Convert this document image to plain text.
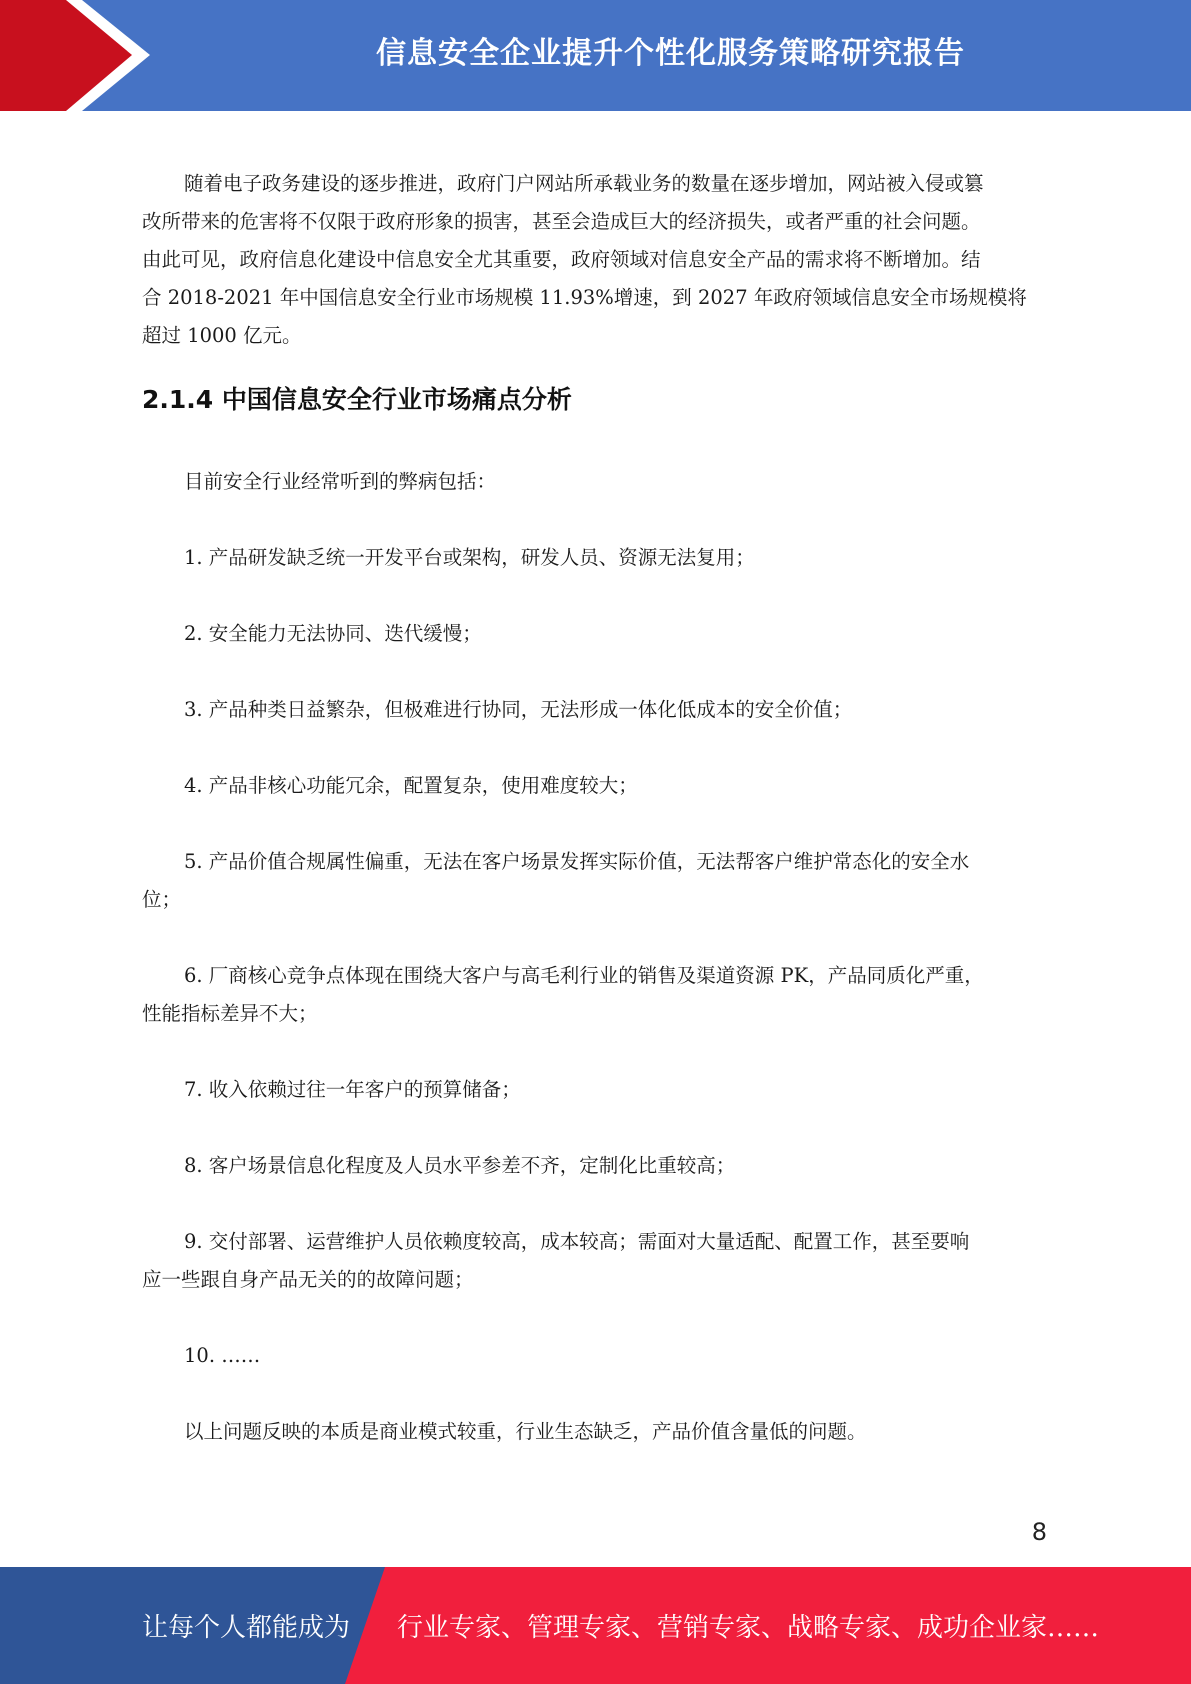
信息安全企业提升个性化服务策略研究报告
随着电子政务建设的逐步推进，政府门户网站所承载业务的数量在逐步增加，网站被入侵或篡
改所带来的危害将不仅限于政府形象的损害，甚至会造成巨大的经济损失，或者严重的社会问题。
由此可见，政府信息化建设中信息安全尤其重要，政府领域对信息安全产品的需求将不断增加。结
合 2018-2021 年中国信息安全行业市场规模 11.93%增速，到 2027 年政府领域信息安全市场规模将
超过 1000 亿元。
2.1.4 中国信息安全行业市场痛点分析

目前安全行业经常听到的弊病包括：

1. 产品研发缺乏统一开发平台或架构，研发人员、资源无法复用；

2. 安全能力无法协同、迭代缓慢；

3. 产品种类日益繁杂，但极难进行协同，无法形成一体化低成本的安全价值；

4. 产品非核心功能冗余，配置复杂，使用难度较大；

5. 产品价值合规属性偏重，无法在客户场景发挥实际价值，无法帮客户维护常态化的安全水
位；

6. 厂商核心竞争点体现在围绕大客户与高毛利行业的销售及渠道资源 PK，产品同质化严重，
性能指标差异不大；

7. 收入依赖过往一年客户的预算储备；

8. 客户场景信息化程度及人员水平参差不齐，定制化比重较高；

9. 交付部署、运营维护人员依赖度较高，成本较高；需面对大量适配、配置工作，甚至要响
应一些跟自身产品无关的的故障问题；

10. ……

以上问题反映的本质是商业模式较重，行业生态缺乏，产品价值含量低的问题。

8
让每个人都能成为 行业专家、管理专家、营销专家、战略专家、成功企业家……
